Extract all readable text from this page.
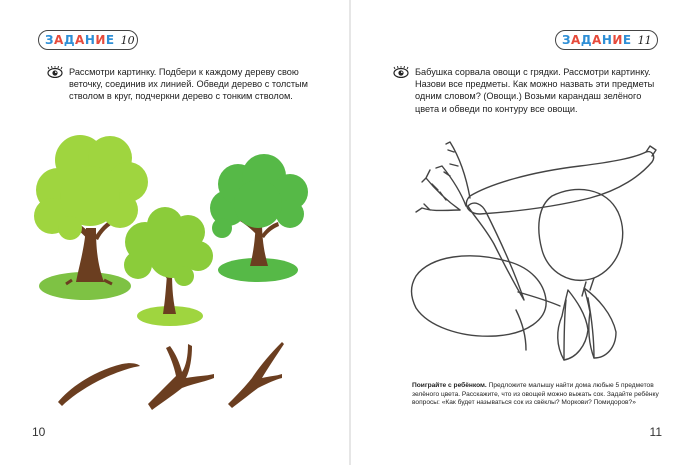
ЗАДАНИЕ 10
Рассмотри картинку. Подбери к каждому дереву свою веточку, соединив их линией. Обведи дерево с толстым стволом в круг, подчеркни дерево с тонким стволом.
10
ЗАДАНИЕ 11
Бабушка сорвала овощи с грядки. Рассмотри картинку. Назови все предметы. Как можно назвать эти предметы одним словом? (Овощи.) Возьми карандаш зелёного цвета и обведи по контуру все овощи.
Поиграйте с ребёнком. Предложите малышу найти дома любые 5 предметов зелёного цвета. Расскажите, что из овощей можно выжать сок. Задайте ребёнку вопросы: «Как будет называться сок из свёклы? Моркови? Помидоров?»
11
